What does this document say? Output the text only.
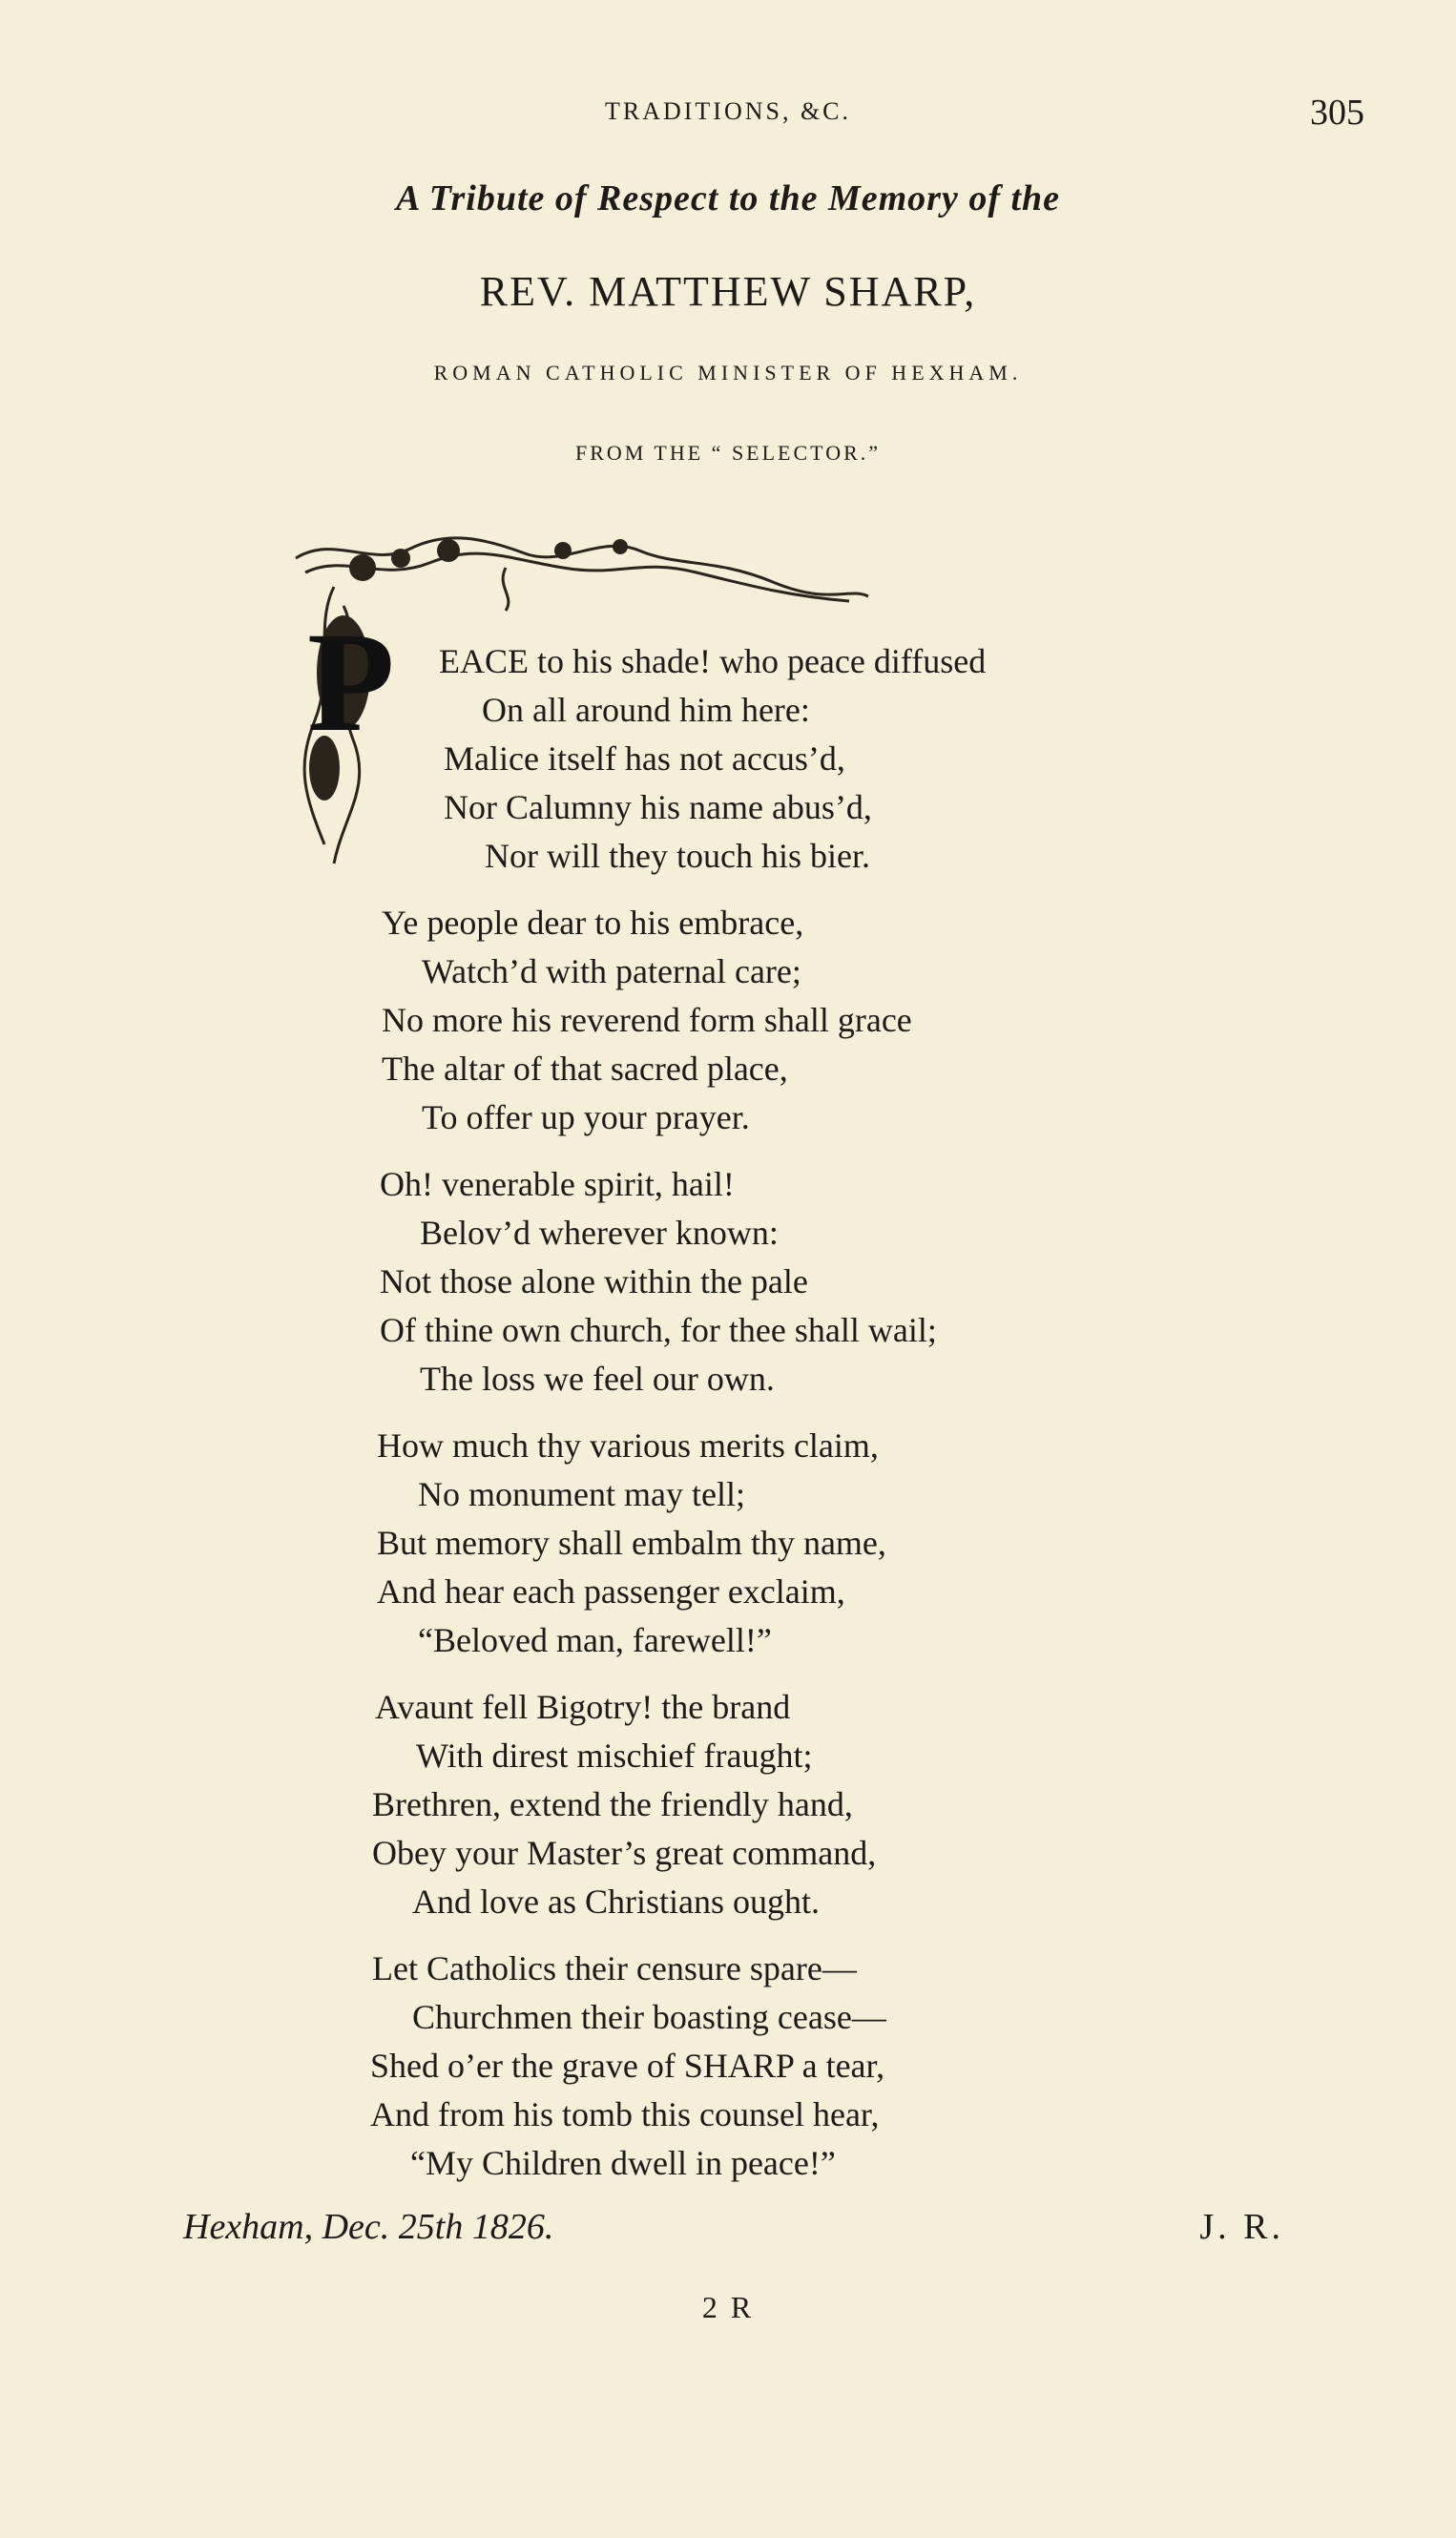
TRADITIONS, &C.	305
A Tribute of Respect to the Memory of the
REV. MATTHEW SHARP,
ROMAN CATHOLIC MINISTER OF HEXHAM.
FROM THE “ SELECTOR.”
P	EACE to his shade! who peace diffused
On all around him here:
Malice itself has not accus’d,
Nor Calumny his name abus’d,
Nor will they touch his bier.
Ye people dear to his embrace,
Watch’d with paternal care;
No more his reverend form shall grace
The altar of that sacred place,
To offer up your prayer.
Oh! venerable spirit, hail!
Belov’d wherever known:
Not those alone within the pale
Of thine own church, for thee shall wail;
The loss we feel our own.
How much thy various merits claim,
No monument may tell;
But memory shall embalm thy name,
And hear each passenger exclaim,
“Beloved man, farewell!”
Avaunt fell Bigotry! the brand
With direst mischief fraught;
Brethren, extend the friendly hand,
Obey your Master’s great command,
And love as Christians ought.
Let Catholics their censure spare—
Churchmen their boasting cease—
Shed o’er the grave of SHARP a tear,
And from his tomb this counsel hear,
“My Children dwell in peace!”
Hexham, Dec. 25th 1826.	J. R.
2 R
